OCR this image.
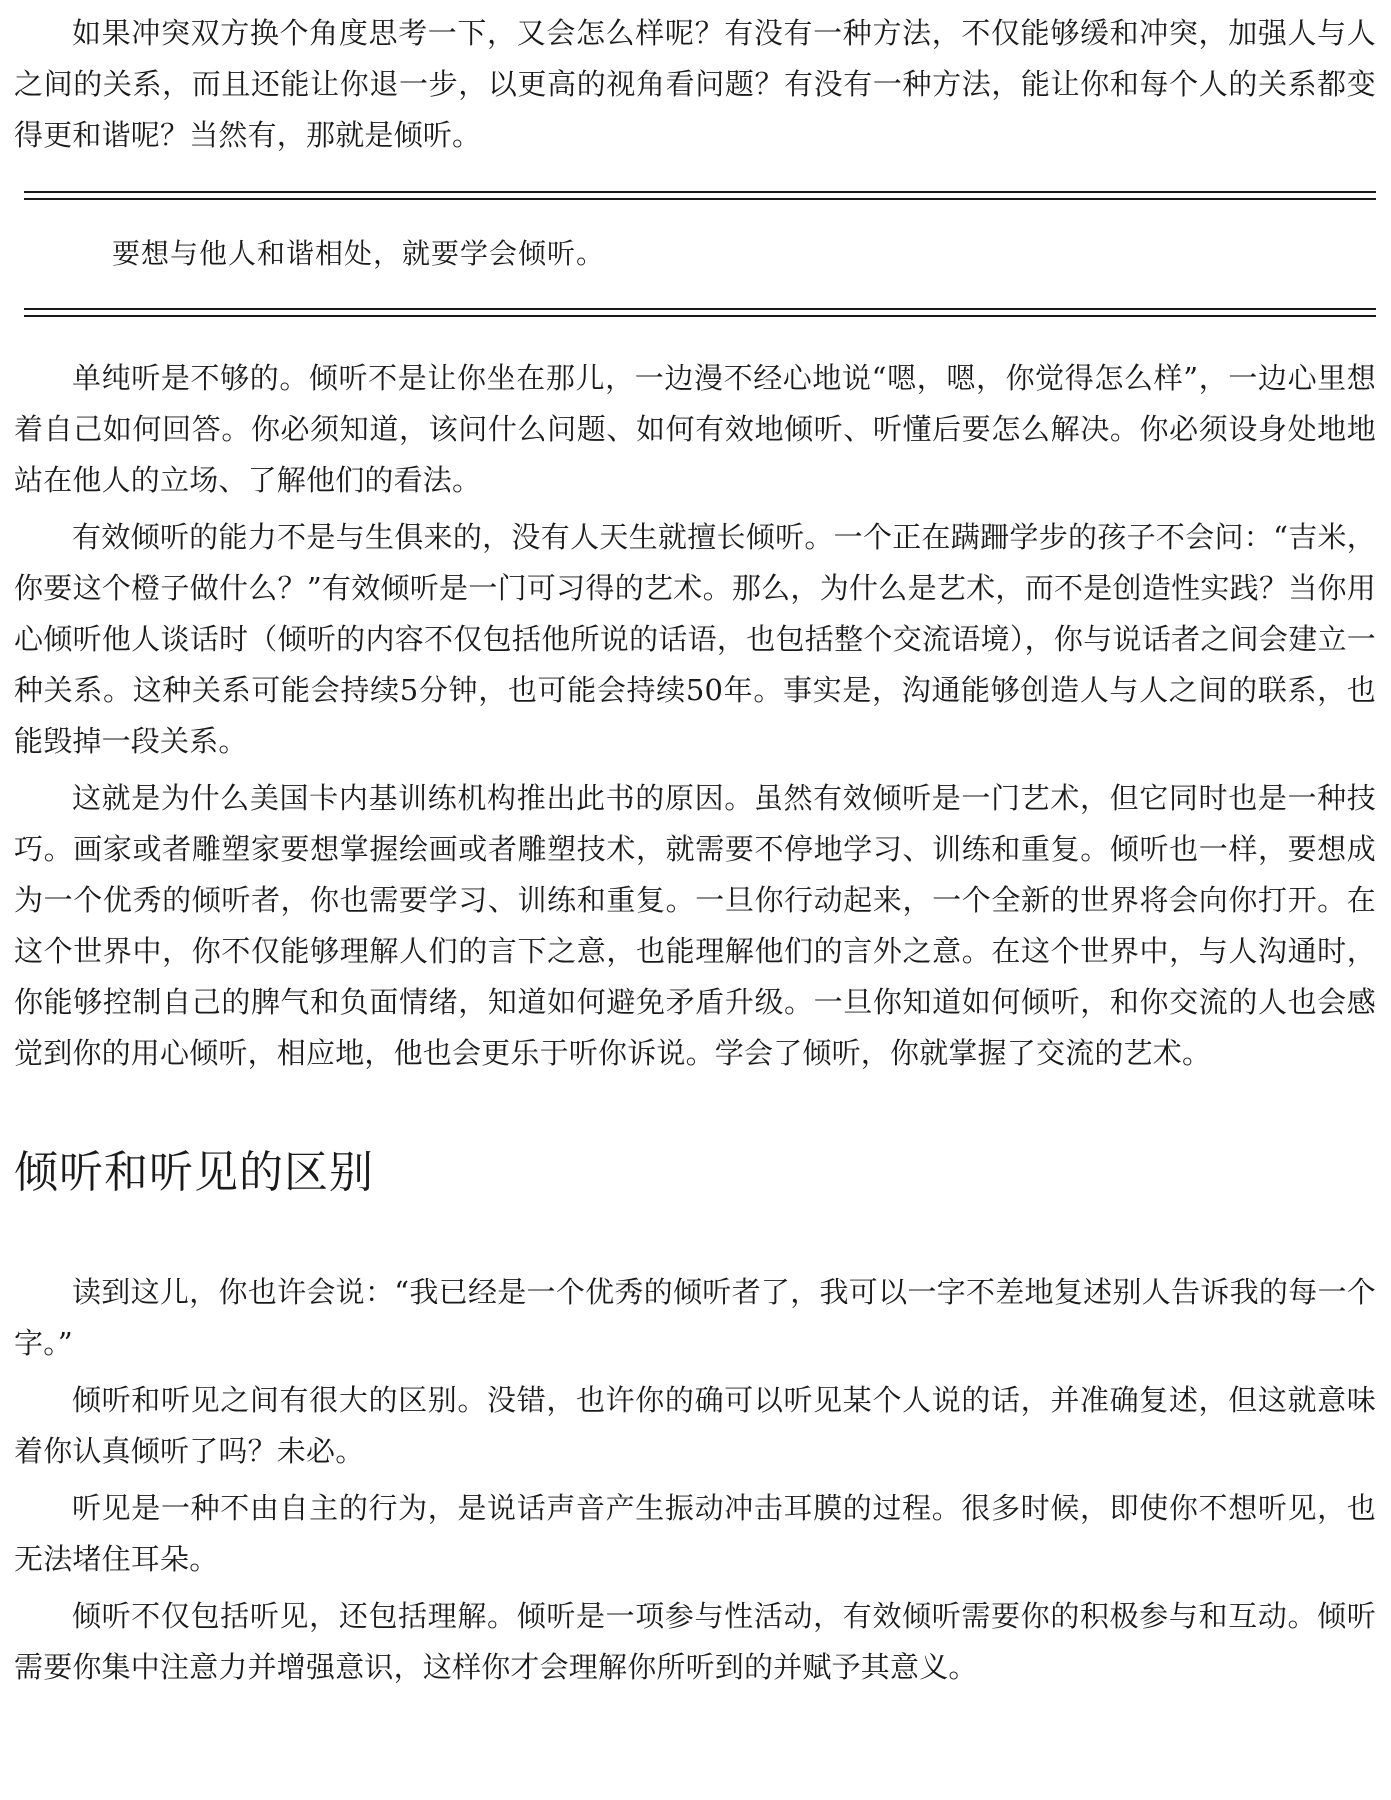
如果冲突双方换个角度思考一下，又会怎么样呢？有没有一种方法，不仅能够缓和冲突，加强人与人之间的关系，而且还能让你退一步，以更高的视角看问题？有没有一种方法，能让你和每个人的关系都变得更和谐呢？当然有，那就是倾听。

要想与他人和谐相处，就要学会倾听。

单纯听是不够的。倾听不是让你坐在那儿，一边漫不经心地说“嗯，嗯，你觉得怎么样”，一边心里想着自己如何回答。你必须知道，该问什么问题、如何有效地倾听、听懂后要怎么解决。你必须设身处地地站在他人的立场、了解他们的看法。

有效倾听的能力不是与生俱来的，没有人天生就擅长倾听。一个正在蹒跚学步的孩子不会问：“吉米，你要这个橙子做什么？”有效倾听是一门可习得的艺术。那么，为什么是艺术，而不是创造性实践？当你用心倾听他人谈话时（倾听的内容不仅包括他所说的话语，也包括整个交流语境），你与说话者之间会建立一种关系。这种关系可能会持续5分钟，也可能会持续50年。事实是，沟通能够创造人与人之间的联系，也能毁掉一段关系。

这就是为什么美国卡内基训练机构推出此书的原因。虽然有效倾听是一门艺术，但它同时也是一种技巧。画家或者雕塑家要想掌握绘画或者雕塑技术，就需要不停地学习、训练和重复。倾听也一样，要想成为一个优秀的倾听者，你也需要学习、训练和重复。一旦你行动起来，一个全新的世界将会向你打开。在这个世界中，你不仅能够理解人们的言下之意，也能理解他们的言外之意。在这个世界中，与人沟通时，你能够控制自己的脾气和负面情绪，知道如何避免矛盾升级。一旦你知道如何倾听，和你交流的人也会感觉到你的用心倾听，相应地，他也会更乐于听你诉说。学会了倾听，你就掌握了交流的艺术。

倾听和听见的区别

读到这儿，你也许会说：“我已经是一个优秀的倾听者了，我可以一字不差地复述别人告诉我的每一个字。”

倾听和听见之间有很大的区别。没错，也许你的确可以听见某个人说的话，并准确复述，但这就意味着你认真倾听了吗？未必。

听见是一种不由自主的行为，是说话声音产生振动冲击耳膜的过程。很多时候，即使你不想听见，也无法堵住耳朵。

倾听不仅包括听见，还包括理解。倾听是一项参与性活动，有效倾听需要你的积极参与和互动。倾听需要你集中注意力并增强意识，这样你才会理解你所听到的并赋予其意义。
